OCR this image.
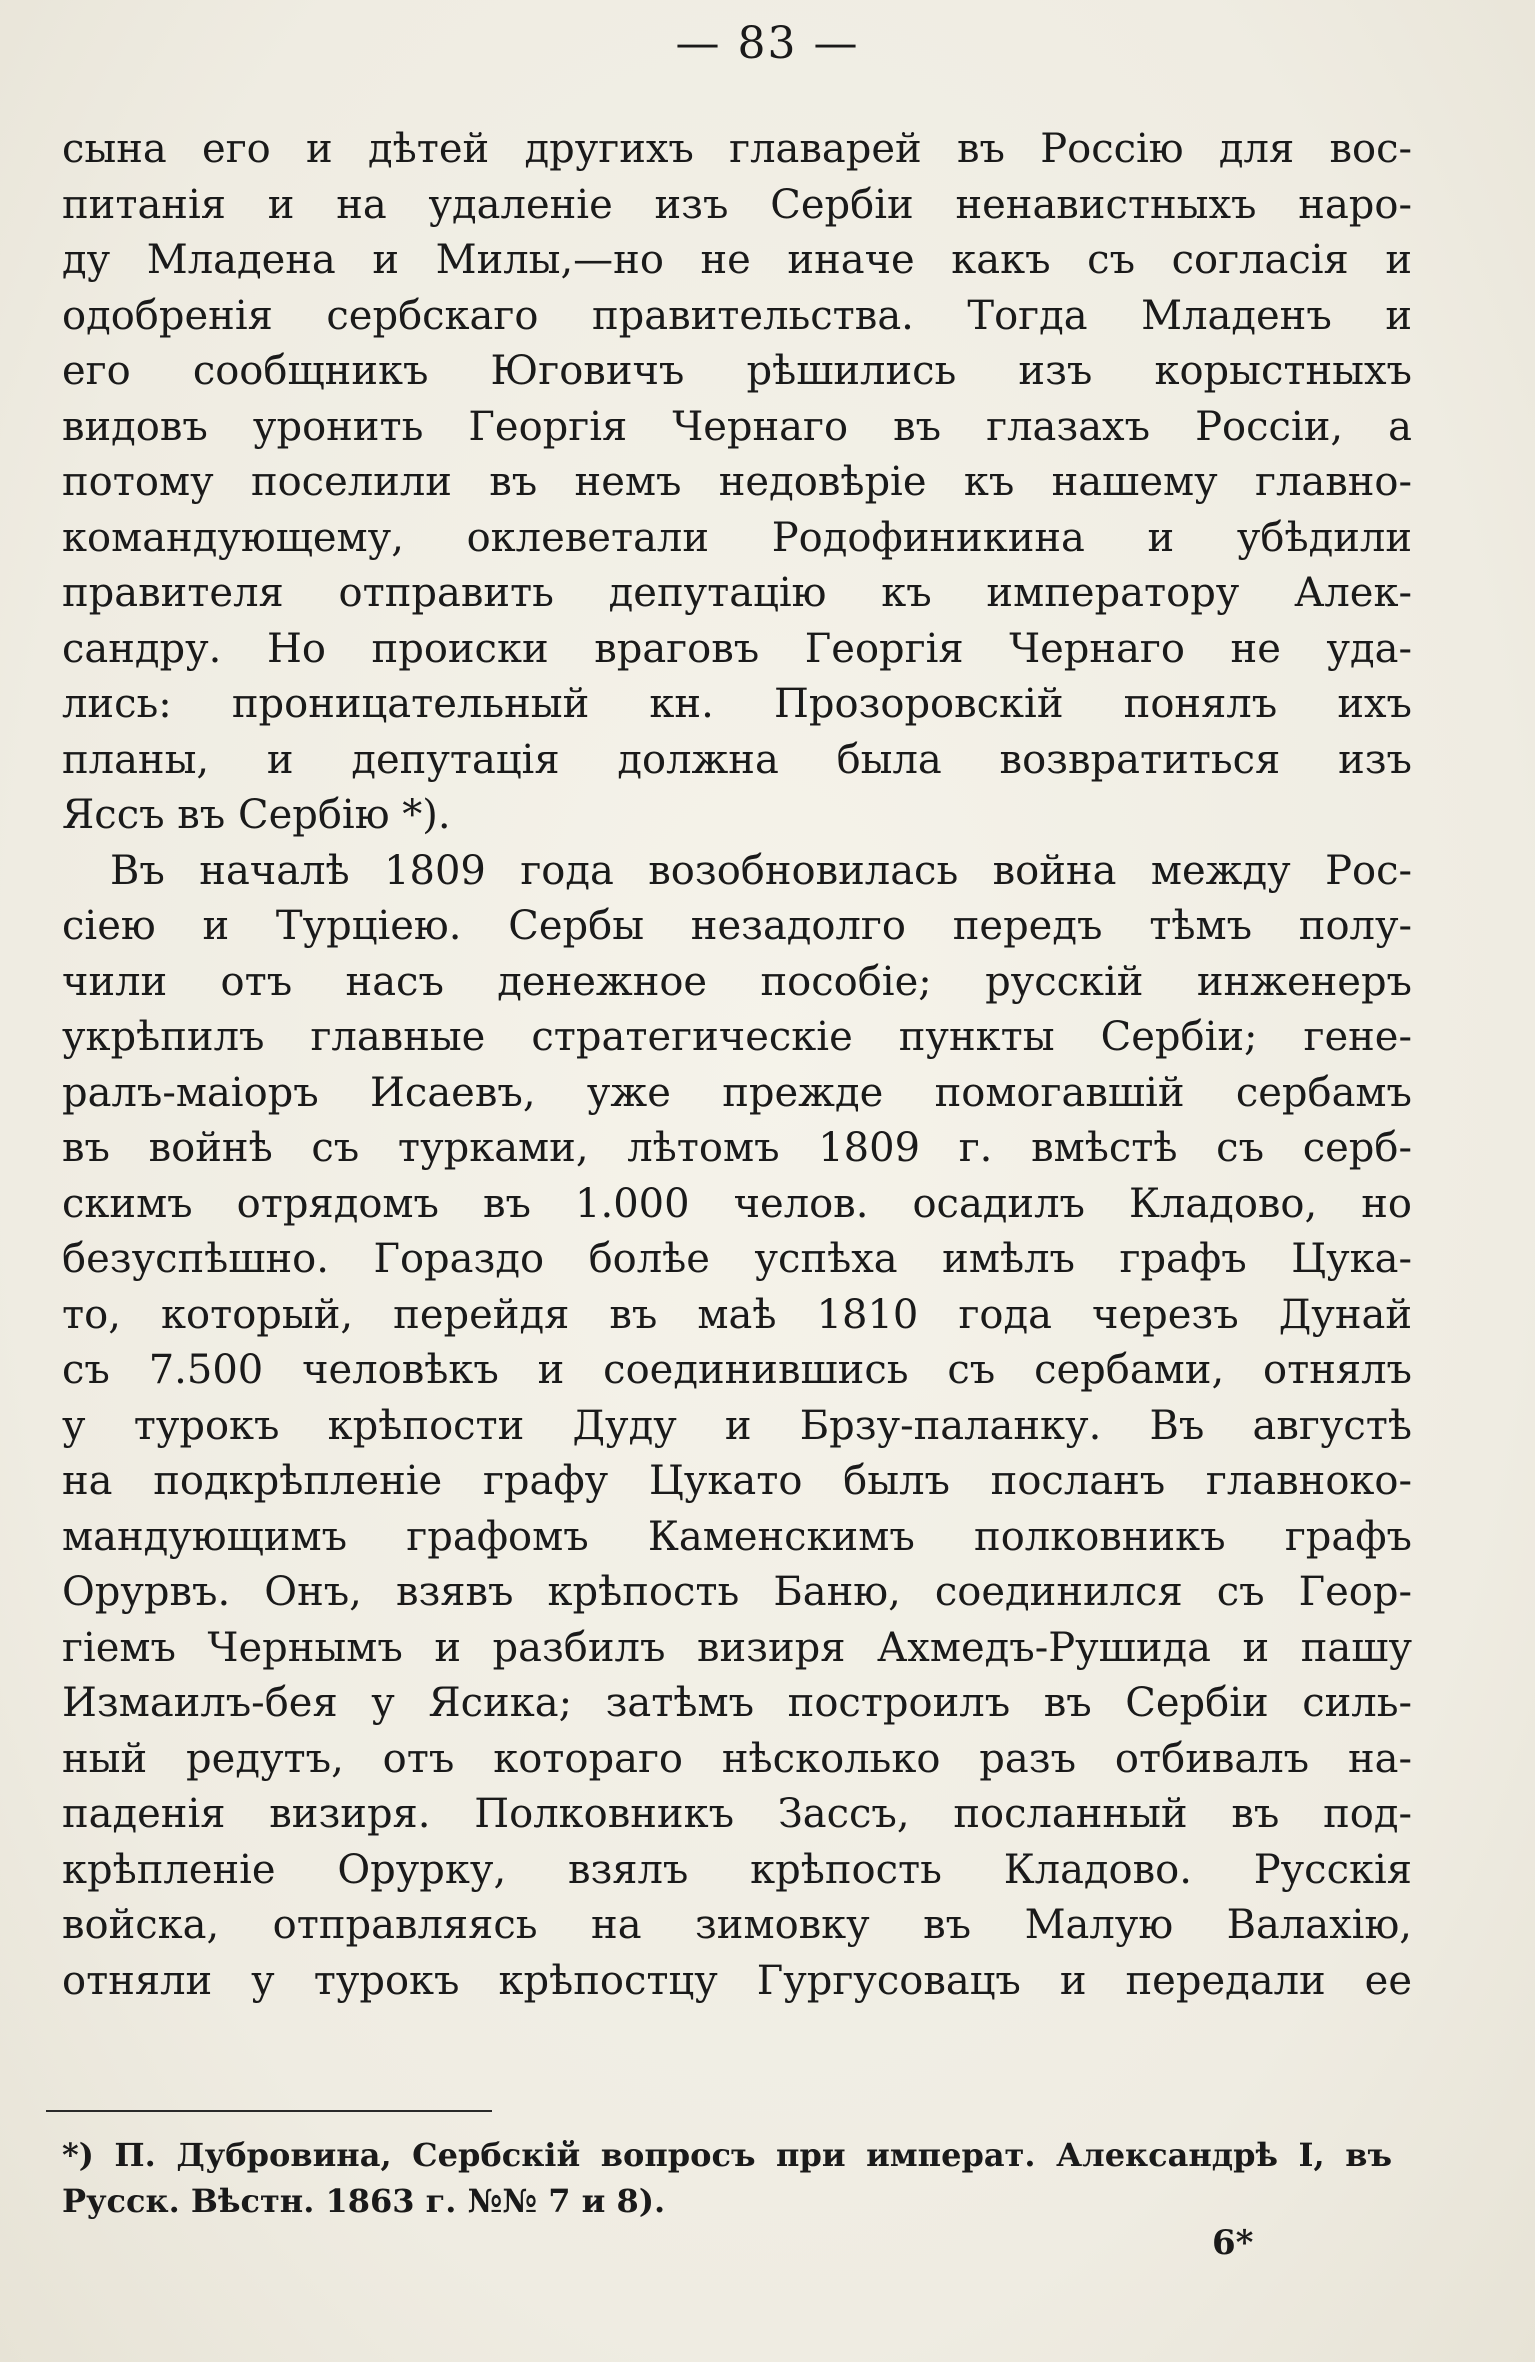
— 83 —
сына его и дѣтей другихъ главарей въ Россію для вос-
питанія и на удаленіе изъ Сербіи ненавистныхъ наро-
ду Младена и Милы,—но не иначе какъ съ согласія и
одобренія сербскаго правительства. Тогда Младенъ и
его сообщникъ Юговичъ рѣшились изъ корыстныхъ
видовъ уронить Георгія Чернаго въ глазахъ Россіи, а
потому поселили въ немъ недовѣріе къ нашему главно-
командующему, оклеветали Родофиникина и убѣдили
правителя отправить депутацію къ императору Алек-
сандру. Но происки враговъ Георгія Чернаго не уда-
лись: проницательный кн. Прозоровскій понялъ ихъ
планы, и депутація должна была возвратиться изъ
Яссъ въ Сербію *).
Въ началѣ 1809 года возобновилась война между Рос-
сіею и Турціею. Сербы незадолго передъ тѣмъ полу-
чили отъ насъ денежное пособіе; русскій инженеръ
укрѣпилъ главные стратегическіе пункты Сербіи; гене-
ралъ-маіоръ Исаевъ, уже прежде помогавшій сербамъ
въ войнѣ съ турками, лѣтомъ 1809 г. вмѣстѣ съ серб-
скимъ отрядомъ въ 1.000 челов. осадилъ Кладово, но
безуспѣшно. Гораздо болѣе успѣха имѣлъ графъ Цука-
то, который, перейдя въ маѣ 1810 года черезъ Дунай
съ 7.500 человѣкъ и соединившись съ сербами, отнялъ
у турокъ крѣпости Дуду и Брзу-паланку. Въ августѣ
на подкрѣпленіе графу Цукато былъ посланъ главноко-
мандующимъ графомъ Каменскимъ полковникъ графъ
Орурвъ. Онъ, взявъ крѣпость Баню, соединился съ Геор-
гіемъ Чернымъ и разбилъ визиря Ахмедъ-Рушида и пашу
Измаилъ-бея у Ясика; затѣмъ построилъ въ Сербіи силь-
ный редутъ, отъ котораго нѣсколько разъ отбивалъ на-
паденія визиря. Полковникъ Зассъ, посланный въ под-
крѣпленіе Орурку, взялъ крѣпость Кладово. Русскія
войска, отправляясь на зимовку въ Малую Валахію,
отняли у турокъ крѣпостцу Гургусовацъ и передали ее
*) П. Дубровина, Сербскій вопросъ при императ. Александрѣ I, въ
Русск. Вѣстн. 1863 г. №№ 7 и 8).
6*
